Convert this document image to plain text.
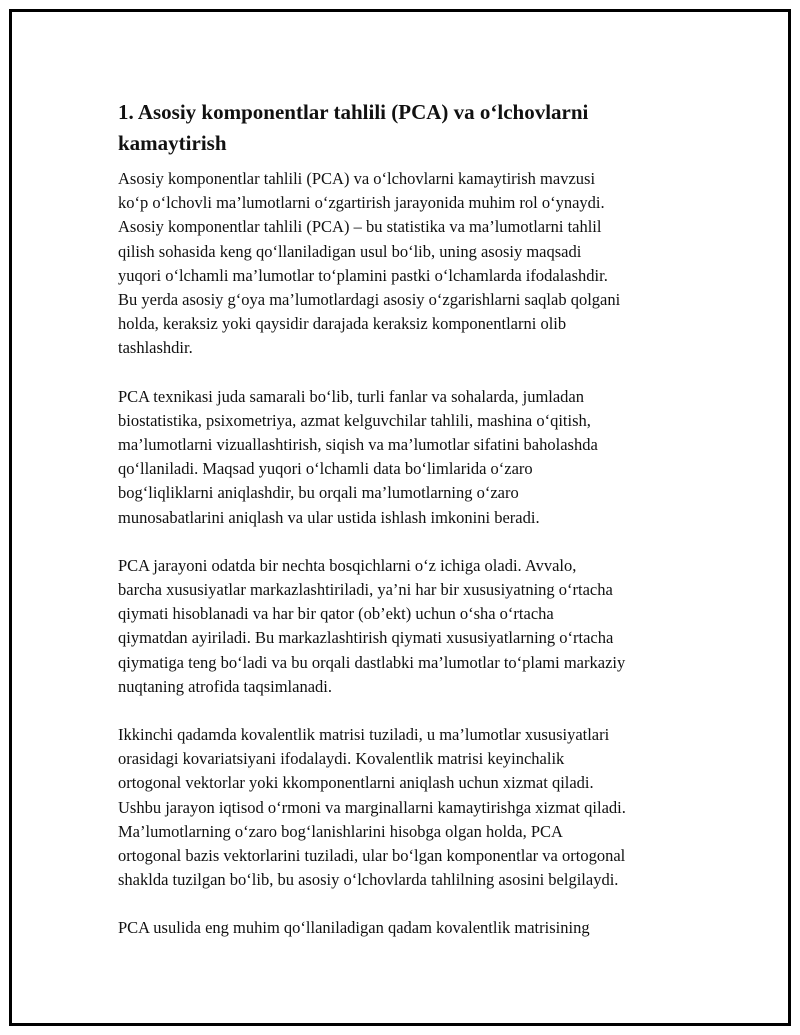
1. Asosiy komponentlar tahlili (PCA) va o‘lchovlarni
kamaytirish

Asosiy komponentlar tahlili (PCA) va o‘lchovlarni kamaytirish mavzusi
ko‘p o‘lchovli ma’lumotlarni o‘zgartirish jarayonida muhim rol o‘ynaydi.
Asosiy komponentlar tahlili (PCA) – bu statistika va ma’lumotlarni tahlil
qilish sohasida keng qo‘llaniladigan usul bo‘lib, uning asosiy maqsadi
yuqori o‘lchamli ma’lumotlar to‘plamini pastki o‘lchamlarda ifodalashdir.
Bu yerda asosiy g‘oya ma’lumotlardagi asosiy o‘zgarishlarni saqlab qolgani
holda, keraksiz yoki qaysidir darajada keraksiz komponentlarni olib
tashlashdir.

PCA texnikasi juda samarali bo‘lib, turli fanlar va sohalarda, jumladan
biostatistika, psixometriya, azmat kelguvchilar tahlili, mashina o‘qitish,
ma’lumotlarni vizuallashtirish, siqish va ma’lumotlar sifatini baholashda
qo‘llaniladi. Maqsad yuqori o‘lchamli data bo‘limlarida o‘zaro
bog‘liqliklarni aniqlashdir, bu orqali ma’lumotlarning o‘zaro
munosabatlarini aniqlash va ular ustida ishlash imkonini beradi.

PCA jarayoni odatda bir nechta bosqichlarni o‘z ichiga oladi. Avvalo,
barcha xususiyatlar markazlashtiriladi, ya’ni har bir xususiyatning o‘rtacha
qiymati hisoblanadi va har bir qator (ob’ekt) uchun o‘sha o‘rtacha
qiymatdan ayiriladi. Bu markazlashtirish qiymati xususiyatlarning o‘rtacha
qiymatiga teng bo‘ladi va bu orqali dastlabki ma’lumotlar to‘plami markaziy
nuqtaning atrofida taqsimlanadi.

Ikkinchi qadamda kovalentlik matrisi tuziladi, u ma’lumotlar xususiyatlari
orasidagi kovariatsiyani ifodalaydi. Kovalentlik matrisi keyinchalik
ortogonal vektorlar yoki kkomponentlarni aniqlash uchun xizmat qiladi.
Ushbu jarayon iqtisod o‘rmoni va marginallarni kamaytirishga xizmat qiladi.
Ma’lumotlarning o‘zaro bog‘lanishlarini hisobga olgan holda, PCA
ortogonal bazis vektorlarini tuziladi, ular bo‘lgan komponentlar va ortogonal
shaklda tuzilgan bo‘lib, bu asosiy o‘lchovlarda tahlilning asosini belgilaydi.

PCA usulida eng muhim qo‘llaniladigan qadam kovalentlik matrisining
